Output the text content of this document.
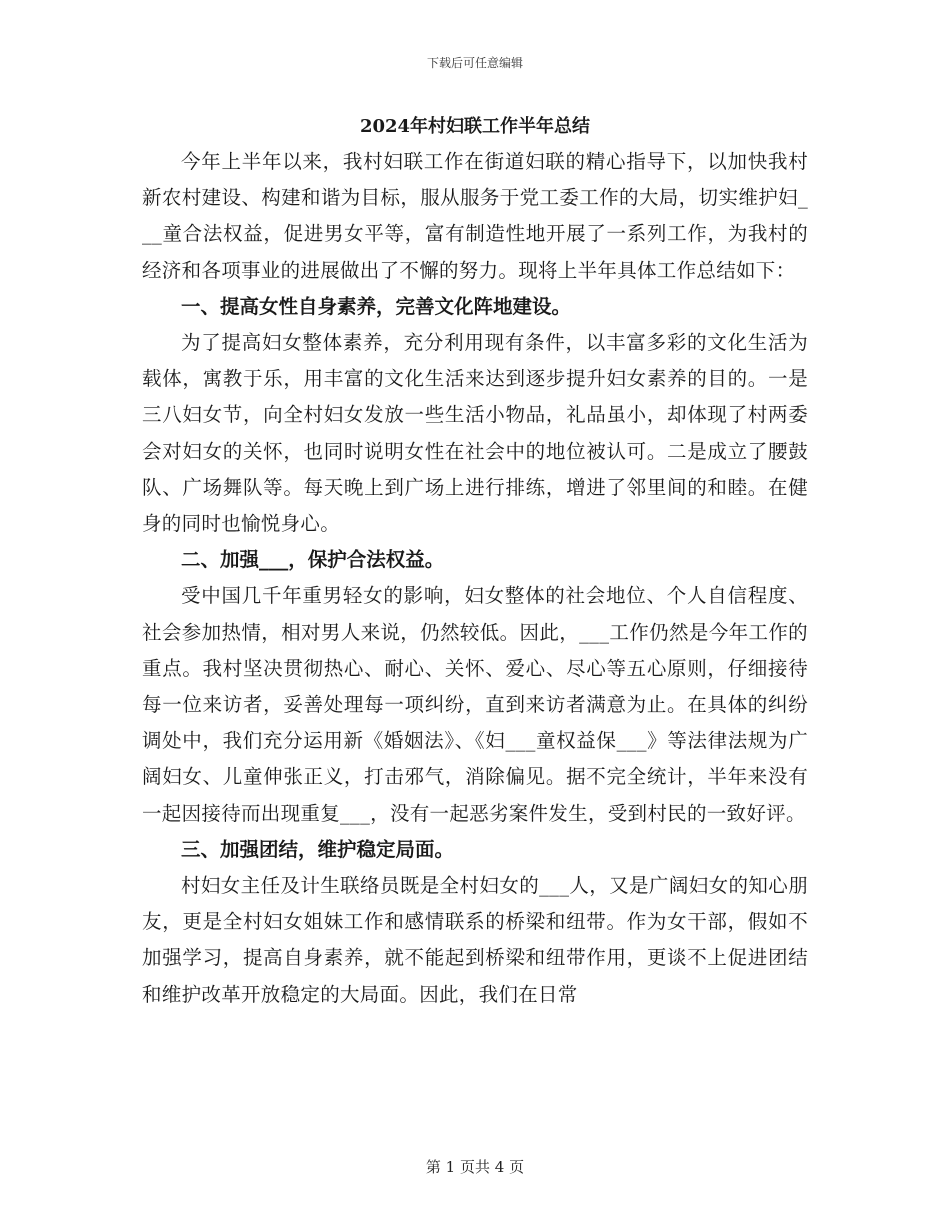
下载后可任意编辑

2024年村妇联工作半年总结

今年上半年以来，我村妇联工作在街道妇联的精心指导下，以加快我村新农村建设、构建和谐为目标，服从服务于党工委工作的大局，切实维护妇___童合法权益，促进男女平等，富有制造性地开展了一系列工作，为我村的经济和各项事业的进展做出了不懈的努力。现将上半年具体工作总结如下：

一、提高女性自身素养，完善文化阵地建设。

为了提高妇女整体素养，充分利用现有条件，以丰富多彩的文化生活为载体，寓教于乐，用丰富的文化生活来达到逐步提升妇女素养的目的。一是三八妇女节，向全村妇女发放一些生活小物品，礼品虽小，却体现了村两委会对妇女的关怀，也同时说明女性在社会中的地位被认可。二是成立了腰鼓队、广场舞队等。每天晚上到广场上进行排练，增进了邻里间的和睦。在健身的同时也愉悦身心。

二、加强___，保护合法权益。

受中国几千年重男轻女的影响，妇女整体的社会地位、个人自信程度、社会参加热情，相对男人来说，仍然较低。因此，___工作仍然是今年工作的重点。我村坚决贯彻热心、耐心、关怀、爱心、尽心等五心原则，仔细接待每一位来访者，妥善处理每一项纠纷，直到来访者满意为止。在具体的纠纷调处中，我们充分运用新《婚姻法》、《妇___童权益保___》等法律法规为广阔妇女、儿童伸张正义，打击邪气，消除偏见。据不完全统计，半年来没有一起因接待而出现重复___，没有一起恶劣案件发生，受到村民的一致好评。

三、加强团结，维护稳定局面。

村妇女主任及计生联络员既是全村妇女的___人，又是广阔妇女的知心朋友，更是全村妇女姐妹工作和感情联系的桥梁和纽带。作为女干部，假如不加强学习，提高自身素养，就不能起到桥梁和纽带作用，更谈不上促进团结和维护改革开放稳定的大局面。因此，我们在日常

第 1 页共 4 页
